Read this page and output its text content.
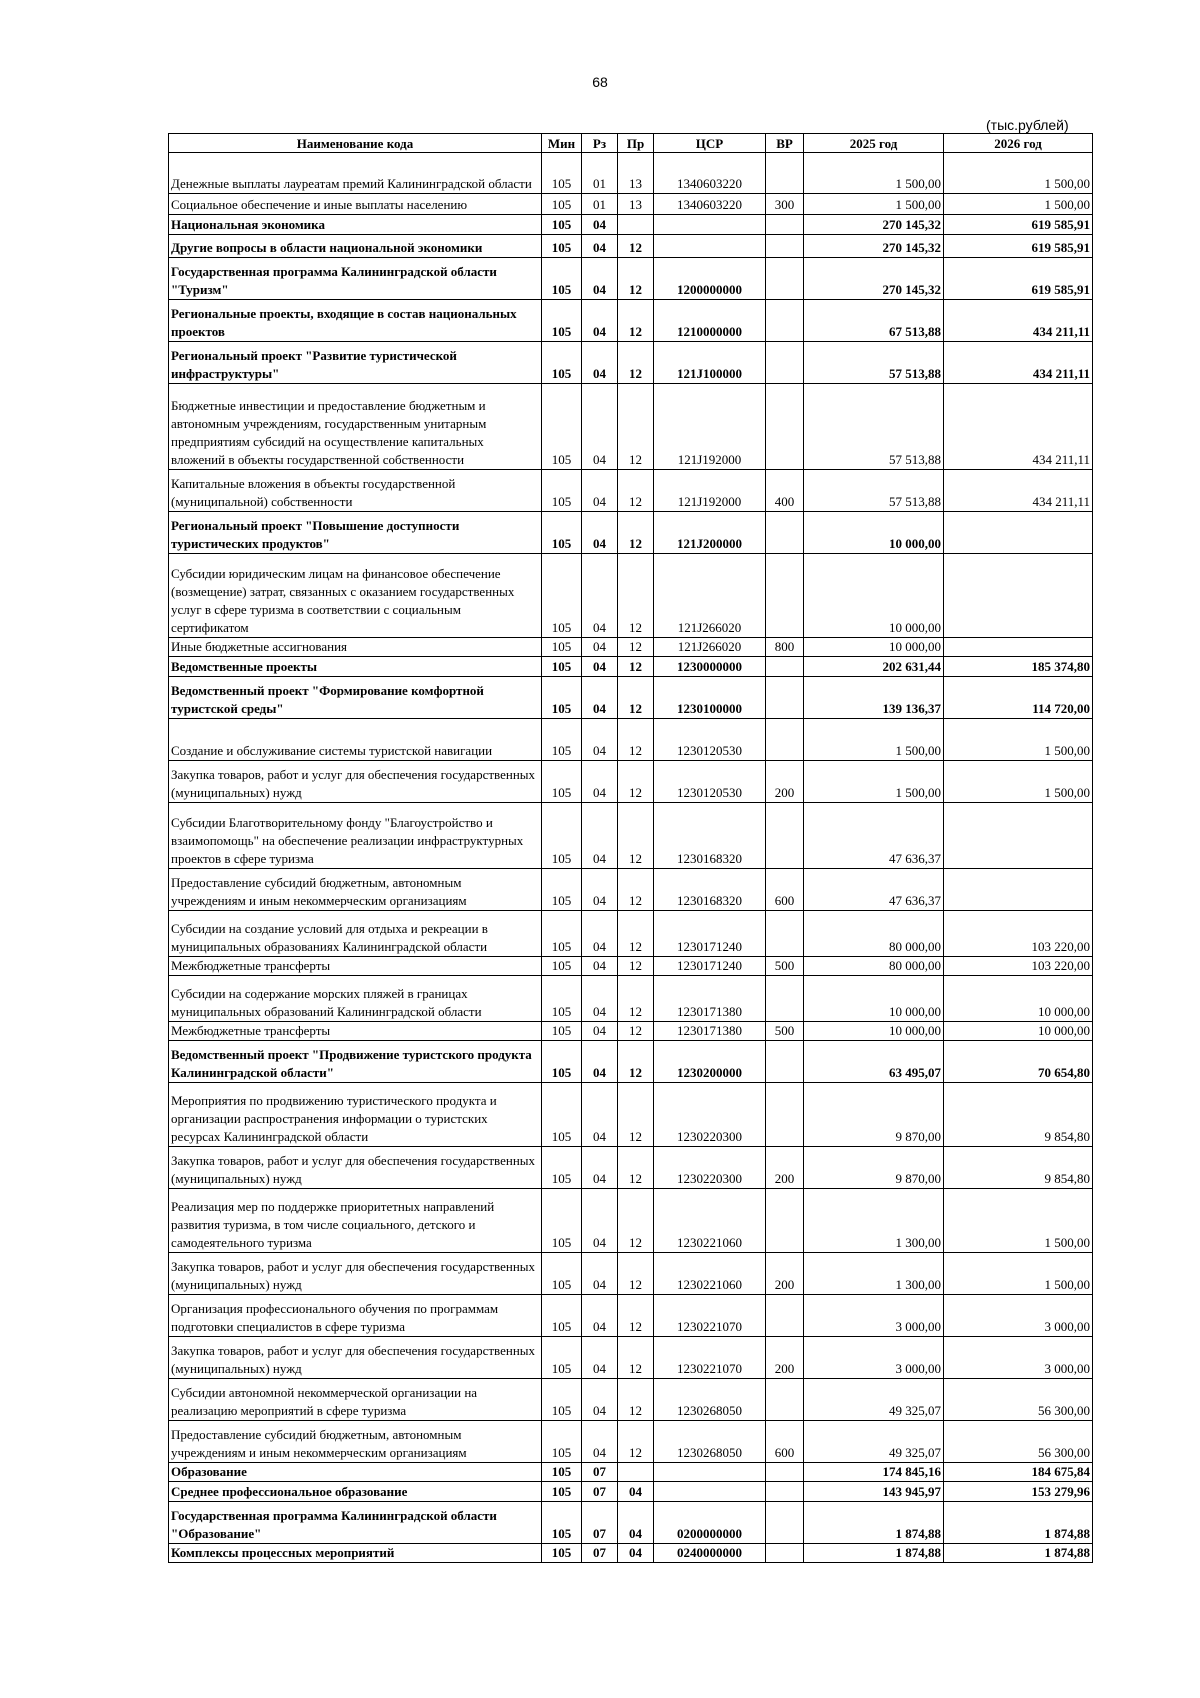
68
(тыс.рублей)
Наименование кода	Мин	Рз	Пр	ЦСР	ВР	2025 год	2026 год
Денежные выплаты лауреатам премий Калининградской области	105	01	13	1340603220		1 500,00	1 500,00
Социальное обеспечение и иные выплаты населению	105	01	13	1340603220	300	1 500,00	1 500,00
Национальная экономика	105	04				270 145,32	619 585,91
Другие вопросы в области национальной экономики	105	04	12			270 145,32	619 585,91
Государственная программа Калининградской области "Туризм"	105	04	12	1200000000		270 145,32	619 585,91
Региональные проекты, входящие в состав национальных проектов	105	04	12	1210000000		67 513,88	434 211,11
Региональный проект "Развитие туристической инфраструктуры"	105	04	12	121J100000		57 513,88	434 211,11
Бюджетные инвестиции и предоставление бюджетным и автономным учреждениям, государственным унитарным предприятиям субсидий на осуществление капитальных вложений в объекты государственной собственности	105	04	12	121J192000		57 513,88	434 211,11
Капитальные вложения в объекты государственной (муниципальной) собственности	105	04	12	121J192000	400	57 513,88	434 211,11
Региональный проект "Повышение доступности туристических продуктов"	105	04	12	121J200000		10 000,00	
Субсидии юридическим лицам на финансовое обеспечение (возмещение) затрат, связанных с оказанием государственных услуг в сфере туризма в соответствии с социальным сертификатом	105	04	12	121J266020		10 000,00	
Иные бюджетные ассигнования	105	04	12	121J266020	800	10 000,00	
Ведомственные проекты	105	04	12	1230000000		202 631,44	185 374,80
Ведомственный проект "Формирование комфортной туристской среды"	105	04	12	1230100000		139 136,37	114 720,00
Создание и обслуживание системы туристской навигации	105	04	12	1230120530		1 500,00	1 500,00
Закупка товаров, работ и услуг для обеспечения государственных (муниципальных) нужд	105	04	12	1230120530	200	1 500,00	1 500,00
Субсидии Благотворительному фонду "Благоустройство и взаимопомощь" на обеспечение реализации инфраструктурных проектов в сфере туризма	105	04	12	1230168320		47 636,37	
Предоставление субсидий бюджетным, автономным учреждениям и иным некоммерческим организациям	105	04	12	1230168320	600	47 636,37	
Субсидии на создание условий для отдыха и рекреации в муниципальных образованиях Калининградской области	105	04	12	1230171240		80 000,00	103 220,00
Межбюджетные трансферты	105	04	12	1230171240	500	80 000,00	103 220,00
Субсидии на содержание морских пляжей в границах муниципальных образований Калининградской области	105	04	12	1230171380		10 000,00	10 000,00
Межбюджетные трансферты	105	04	12	1230171380	500	10 000,00	10 000,00
Ведомственный проект "Продвижение туристского продукта Калининградской области"	105	04	12	1230200000		63 495,07	70 654,80
Мероприятия по продвижению туристического продукта и организации распространения информации о туристских ресурсах Калининградской области	105	04	12	1230220300		9 870,00	9 854,80
Закупка товаров, работ и услуг для обеспечения государственных (муниципальных) нужд	105	04	12	1230220300	200	9 870,00	9 854,80
Реализация мер по поддержке приоритетных направлений развития туризма, в том числе социального, детского и самодеятельного туризма	105	04	12	1230221060		1 300,00	1 500,00
Закупка товаров, работ и услуг для обеспечения государственных (муниципальных) нужд	105	04	12	1230221060	200	1 300,00	1 500,00
Организация профессионального обучения по программам подготовки специалистов в сфере туризма	105	04	12	1230221070		3 000,00	3 000,00
Закупка товаров, работ и услуг для обеспечения государственных (муниципальных) нужд	105	04	12	1230221070	200	3 000,00	3 000,00
Субсидии автономной некоммерческой организации на реализацию мероприятий в сфере туризма	105	04	12	1230268050		49 325,07	56 300,00
Предоставление субсидий бюджетным, автономным учреждениям и иным некоммерческим организациям	105	04	12	1230268050	600	49 325,07	56 300,00
Образование	105	07				174 845,16	184 675,84
Среднее профессиональное образование	105	07	04			143 945,97	153 279,96
Государственная программа Калининградской области "Образование"	105	07	04	0200000000		1 874,88	1 874,88
Комплексы процессных мероприятий	105	07	04	0240000000		1 874,88	1 874,88
